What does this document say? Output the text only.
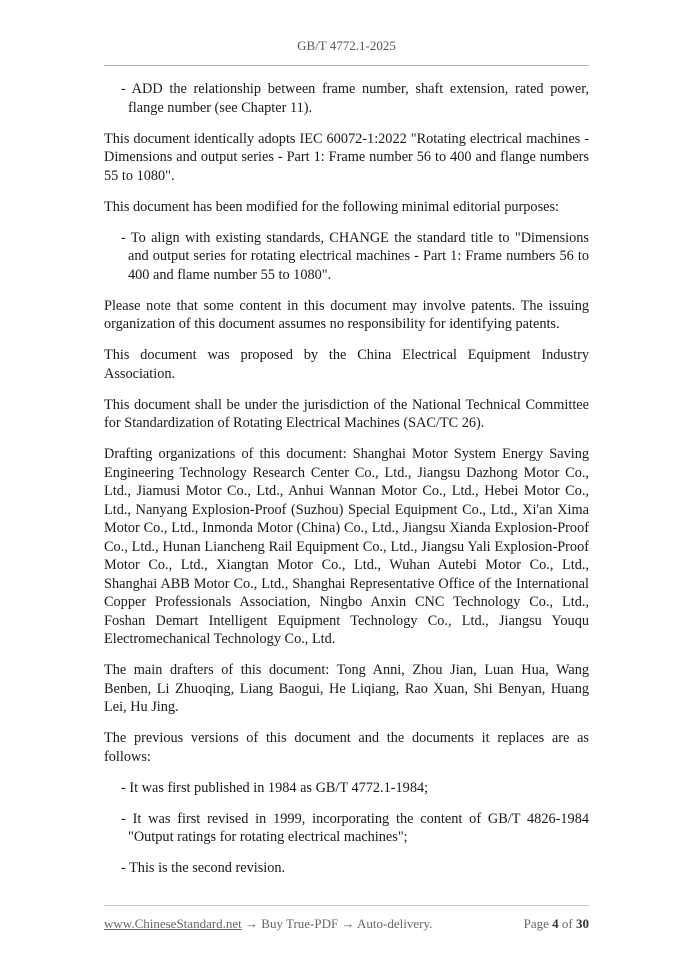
GB/T 4772.1-2025

- ADD the relationship between frame number, shaft extension, rated power, flange number (see Chapter 11).

This document identically adopts IEC 60072-1:2022 "Rotating electrical machines - Dimensions and output series - Part 1: Frame number 56 to 400 and flange numbers 55 to 1080".

This document has been modified for the following minimal editorial purposes:

- To align with existing standards, CHANGE the standard title to "Dimensions and output series for rotating electrical machines - Part 1: Frame numbers 56 to 400 and flame number 55 to 1080".

Please note that some content in this document may involve patents. The issuing organization of this document assumes no responsibility for identifying patents.

This document was proposed by the China Electrical Equipment Industry Association.

This document shall be under the jurisdiction of the National Technical Committee for Standardization of Rotating Electrical Machines (SAC/TC 26).

Drafting organizations of this document: Shanghai Motor System Energy Saving Engineering Technology Research Center Co., Ltd., Jiangsu Dazhong Motor Co., Ltd., Jiamusi Motor Co., Ltd., Anhui Wannan Motor Co., Ltd., Hebei Motor Co., Ltd., Nanyang Explosion-Proof (Suzhou) Special Equipment Co., Ltd., Xi'an Xima Motor Co., Ltd., Inmonda Motor (China) Co., Ltd., Jiangsu Xianda Explosion-Proof Co., Ltd., Hunan Liancheng Rail Equipment Co., Ltd., Jiangsu Yali Explosion-Proof Motor Co., Ltd., Xiangtan Motor Co., Ltd., Wuhan Autebi Motor Co., Ltd., Shanghai ABB Motor Co., Ltd., Shanghai Representative Office of the International Copper Professionals Association, Ningbo Anxin CNC Technology Co., Ltd., Foshan Demart Intelligent Equipment Technology Co., Ltd., Jiangsu Youqu Electromechanical Technology Co., Ltd.

The main drafters of this document: Tong Anni, Zhou Jian, Luan Hua, Wang Benben, Li Zhuoqing, Liang Baogui, He Liqiang, Rao Xuan, Shi Benyan, Huang Lei, Hu Jing.

The previous versions of this document and the documents it replaces are as follows:

- It was first published in 1984 as GB/T 4772.1-1984;

- It was first revised in 1999, incorporating the content of GB/T 4826-1984 "Output ratings for rotating electrical machines";

- This is the second revision.

www.ChineseStandard.net → Buy True-PDF → Auto-delivery.	Page 4 of 30
